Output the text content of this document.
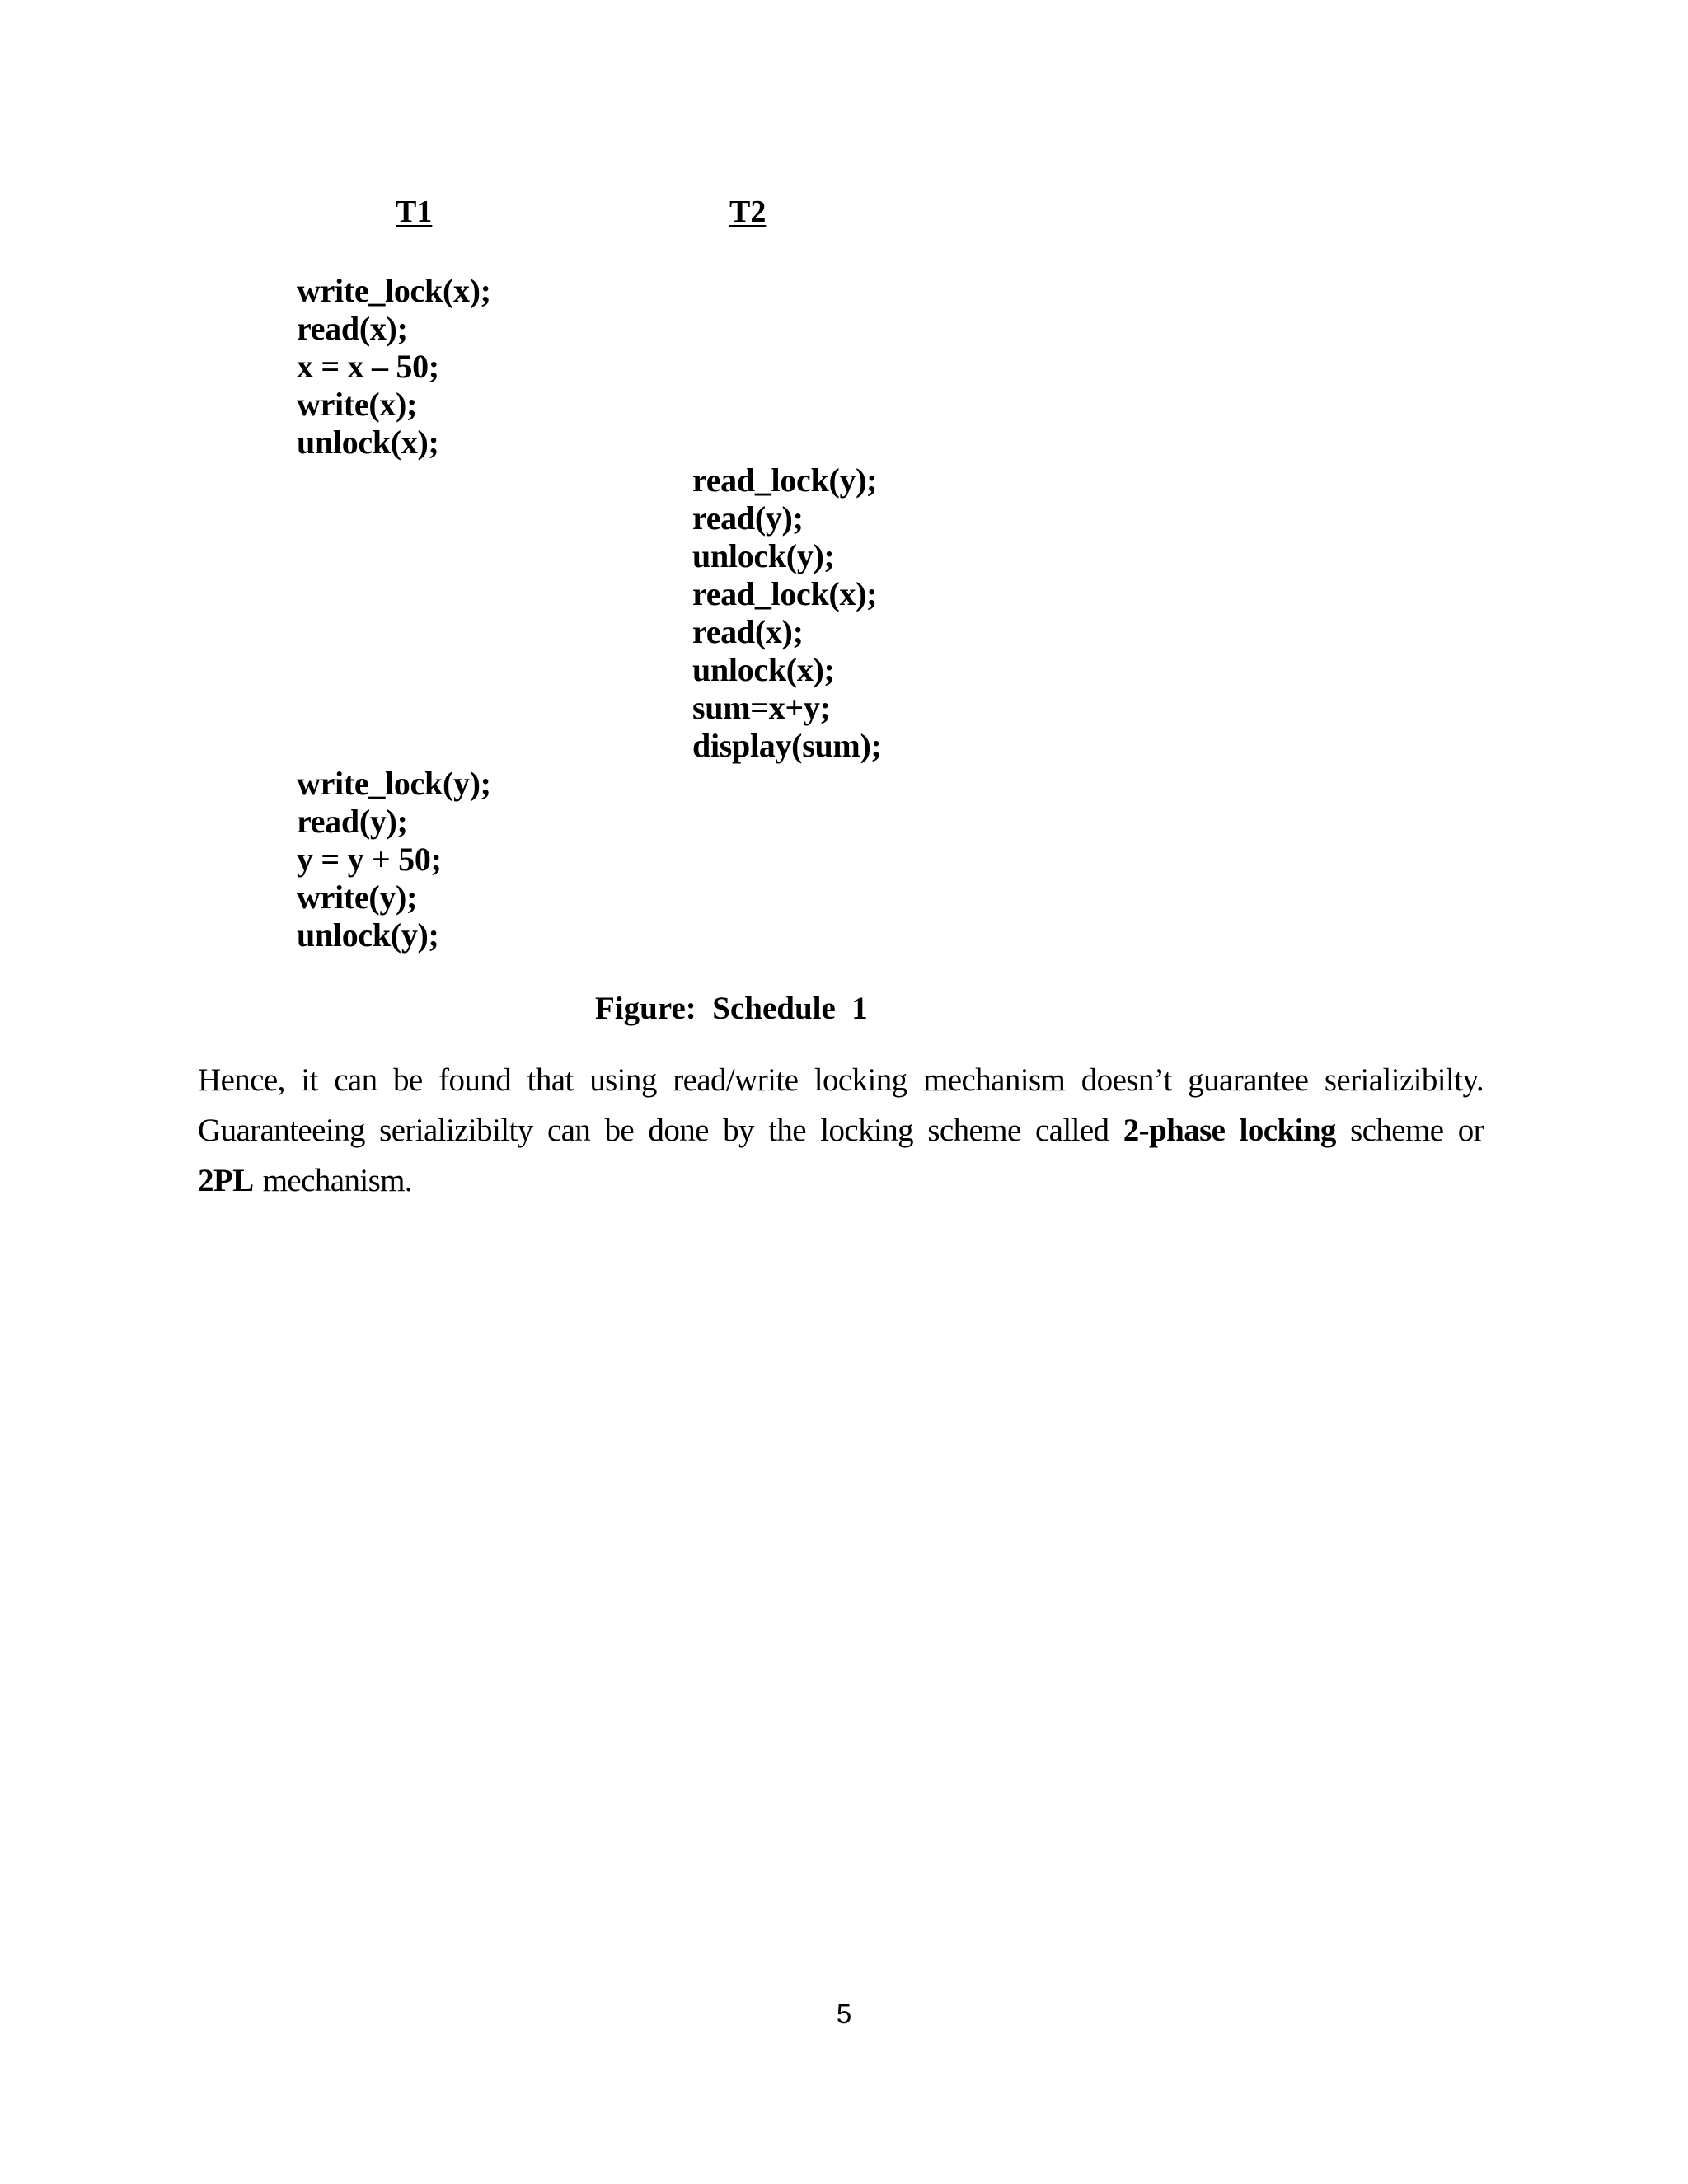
T1	T2
write_lock(x);
read(x);
x = x – 50;
write(x);
unlock(x);
read_lock(y);
read(y);
unlock(y);
read_lock(x);
read(x);
unlock(x);
sum=x+y;
display(sum);
write_lock(y);
read(y);
y = y + 50;
write(y);
unlock(y);
Figure:  Schedule  1
Hence, it can be found that using read/write locking mechanism doesn’t guarantee serializibilty.
Guaranteeing serializibilty can be done by the locking scheme called 2-phase locking scheme or
2PL mechanism.
5
